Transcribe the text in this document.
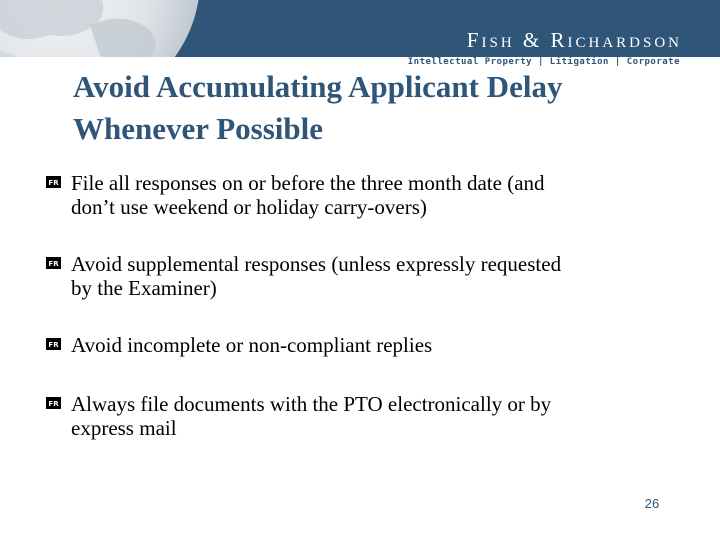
Fish & Richardson
Intellectual Property | Litigation | Corporate
Avoid Accumulating Applicant Delay
Whenever Possible
FR File all responses on or before the three month date (and
don’t use weekend or holiday carry-overs)
FR Avoid supplemental responses (unless expressly requested
by the Examiner)
FR Avoid incomplete or non-compliant replies
FR Always file documents with the PTO electronically or by
express mail
26
